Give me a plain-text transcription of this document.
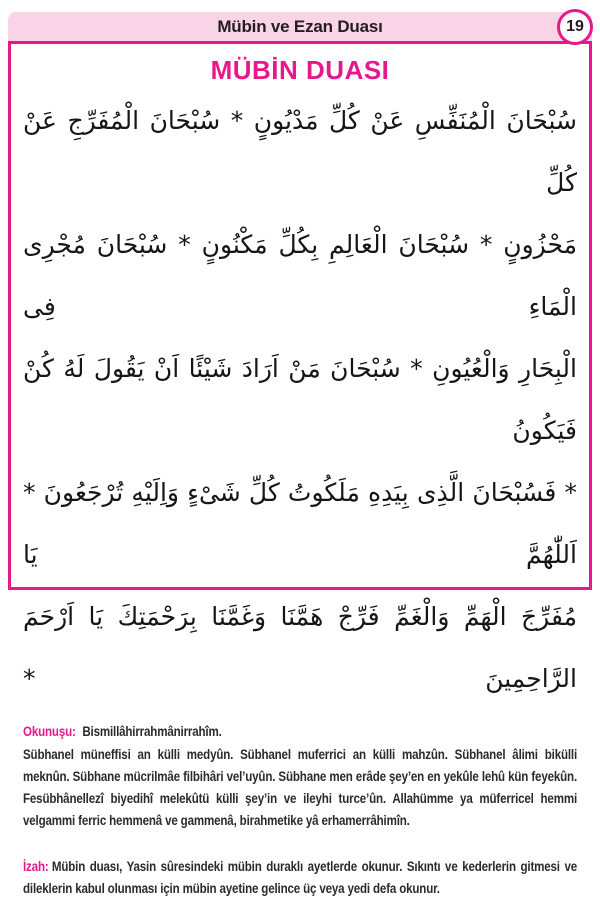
Mübin ve Ezan Duası	19
MÜBİN DUASI
سُبْحَانَ الْمُنَفِّسِ عَنْ كُلِّ مَدْيُونٍ * سُبْحَانَ الْمُفَرِّجِ عَنْ كُلِّ
مَحْزُونٍ * سُبْحَانَ الْعَالِمِ بِكُلِّ مَكْنُونٍ * سُبْحَانَ مُجْرِى الْمَاءِ فِى
الْبِحَارِ وَالْعُيُونِ * سُبْحَانَ مَنْ اَرَادَ شَيْئًا اَنْ يَقُولَ لَهُ كُنْ فَيَكُونُ
* فَسُبْحَانَ الَّذِى بِيَدِهِ مَلَكُوتُ كُلِّ شَىْءٍ وَاِلَيْهِ تُرْجَعُونَ * اَللّٰهُمَّ يَا
مُفَرِّجَ الْهَمِّ وَالْغَمِّ فَرِّجْ هَمَّنَا وَغَمَّنَا بِرَحْمَتِكَ يَا اَرْحَمَ الرَّاحِمِينَ *
Okunuşu: Bismillâhirrahmânirrahîm.
Sübhanel müneffisi an külli medyûn. Sübhanel muferrici an külli mahzûn. Sübhanel âlimi bikülli meknûn. Sübhane mücrilmâe filbihâri vel’uyûn. Sübhane men erâde şey’en en yekûle lehû kün feyekûn. Fesübhânellezî biyedihî melekûtü külli şey’in ve ileyhi turce’ûn. Allahümme ya müferricel hemmi velgammi ferric hemmenâ ve gammenâ, birahmetike yâ erhamerrâhimîn.
İzah: Mübin duası, Yasin sûresindeki mübin duraklı ayetlerde okunur. Sıkıntı ve kederlerin gitmesi ve dileklerin kabul olunması için mübin ayetine gelince üç veya yedi defa okunur.
